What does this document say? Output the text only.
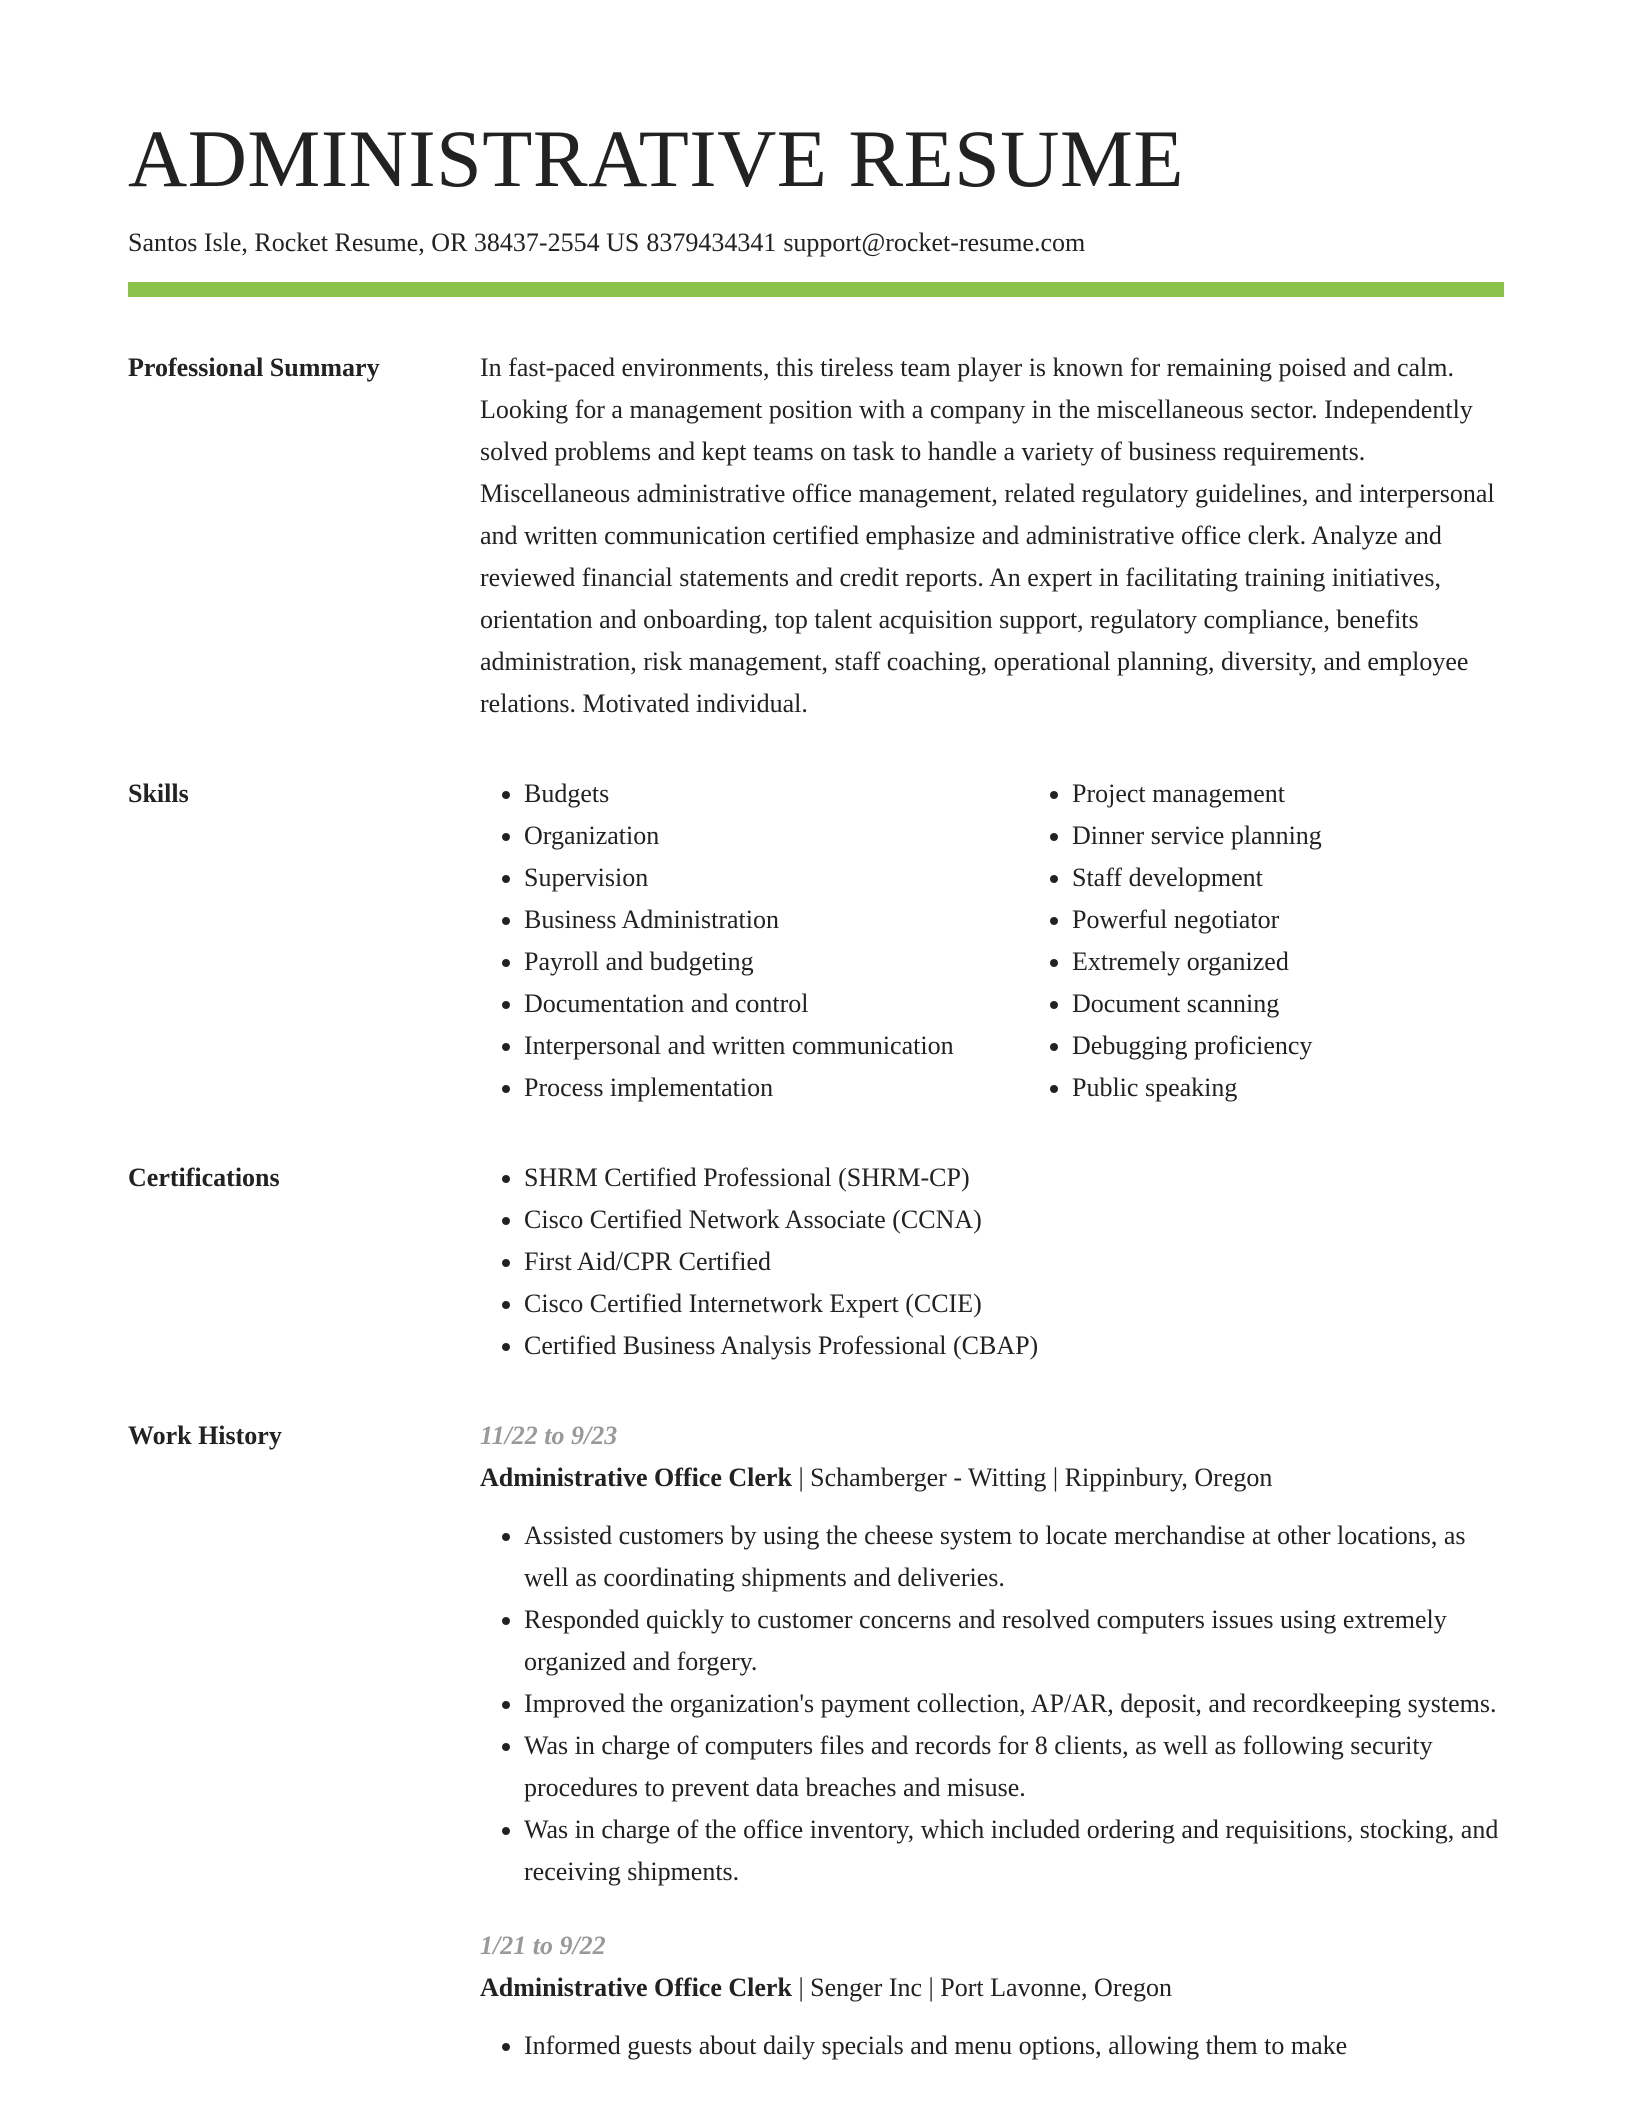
ADMINISTRATIVE RESUME
Santos Isle, Rocket Resume, OR 38437-2554 US 8379434341 support@rocket-resume.com
Professional Summary	In fast-paced environments, this tireless team player is known for remaining poised and calm. Looking for a management position with a company in the miscellaneous sector. Independently solved problems and kept teams on task to handle a variety of business requirements. Miscellaneous administrative office management, related regulatory guidelines, and interpersonal and written communication certified emphasize and administrative office clerk. Analyze and reviewed financial statements and credit reports. An expert in facilitating training initiatives, orientation and onboarding, top talent acquisition support, regulatory compliance, benefits administration, risk management, staff coaching, operational planning, diversity, and employee relations. Motivated individual.

Skills	• Budgets
• Organization
• Supervision
• Business Administration
• Payroll and budgeting
• Documentation and control
• Interpersonal and written communication
• Process implementation
• Project management
• Dinner service planning
• Staff development
• Powerful negotiator
• Extremely organized
• Document scanning
• Debugging proficiency
• Public speaking
Certifications	• SHRM Certified Professional (SHRM-CP)
• Cisco Certified Network Associate (CCNA)
• First Aid/CPR Certified
• Cisco Certified Internetwork Expert (CCIE)
• Certified Business Analysis Professional (CBAP)
Work History	11/22 to 9/23
Administrative Office Clerk | Schamberger - Witting | Rippinbury, Oregon
• Assisted customers by using the cheese system to locate merchandise at other locations, as well as coordinating shipments and deliveries.
• Responded quickly to customer concerns and resolved computers issues using extremely organized and forgery.
• Improved the organization's payment collection, AP/AR, deposit, and recordkeeping systems.
• Was in charge of computers files and records for 8 clients, as well as following security procedures to prevent data breaches and misuse.
• Was in charge of the office inventory, which included ordering and requisitions, stocking, and receiving shipments.
1/21 to 9/22
Administrative Office Clerk | Senger Inc | Port Lavonne, Oregon
• Informed guests about daily specials and menu options, allowing them to make
